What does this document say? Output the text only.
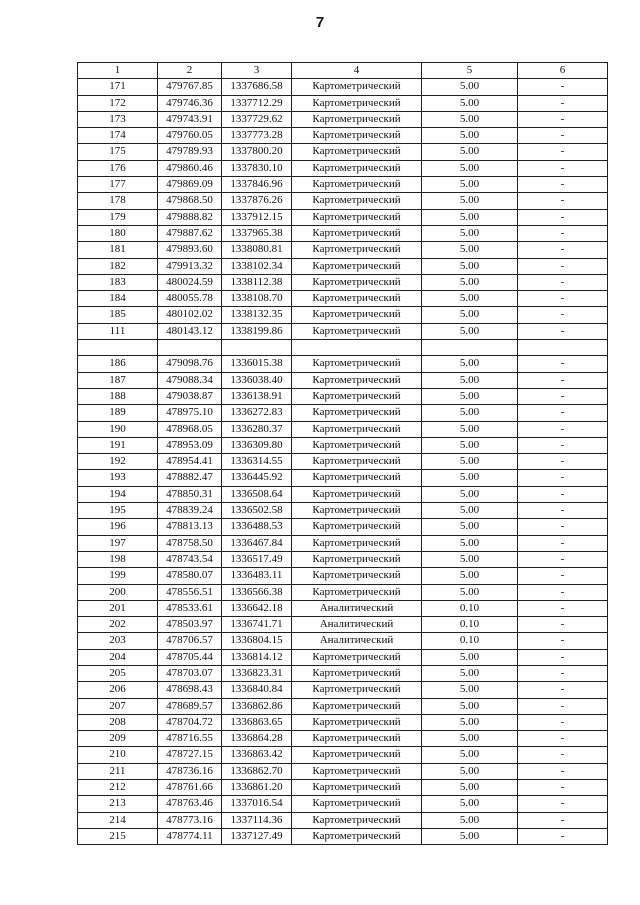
7
1	2	3	4	5	6
171	479767.85	1337686.58	Картометрический	5.00	-
172	479746.36	1337712.29	Картометрический	5.00	-
173	479743.91	1337729.62	Картометрический	5.00	-
174	479760.05	1337773.28	Картометрический	5.00	-
175	479789.93	1337800.20	Картометрический	5.00	-
176	479860.46	1337830.10	Картометрический	5.00	-
177	479869.09	1337846.96	Картометрический	5.00	-
178	479868.50	1337876.26	Картометрический	5.00	-
179	479888.82	1337912.15	Картометрический	5.00	-
180	479887.62	1337965.38	Картометрический	5.00	-
181	479893.60	1338080.81	Картометрический	5.00	-
182	479913.32	1338102.34	Картометрический	5.00	-
183	480024.59	1338112.38	Картометрический	5.00	-
184	480055.78	1338108.70	Картометрический	5.00	-
185	480102.02	1338132.35	Картометрический	5.00	-
111	480143.12	1338199.86	Картометрический	5.00	-

186	479098.76	1336015.38	Картометрический	5.00	-
187	479088.34	1336038.40	Картометрический	5.00	-
188	479038.87	1336138.91	Картометрический	5.00	-
189	478975.10	1336272.83	Картометрический	5.00	-
190	478968.05	1336280.37	Картометрический	5.00	-
191	478953.09	1336309.80	Картометрический	5.00	-
192	478954.41	1336314.55	Картометрический	5.00	-
193	478882.47	1336445.92	Картометрический	5.00	-
194	478850.31	1336508.64	Картометрический	5.00	-
195	478839.24	1336502.58	Картометрический	5.00	-
196	478813.13	1336488.53	Картометрический	5.00	-
197	478758.50	1336467.84	Картометрический	5.00	-
198	478743.54	1336517.49	Картометрический	5.00	-
199	478580.07	1336483.11	Картометрический	5.00	-
200	478556.51	1336566.38	Картометрический	5.00	-
201	478533.61	1336642.18	Аналитический	0.10	-
202	478503.97	1336741.71	Аналитический	0.10	-
203	478706.57	1336804.15	Аналитический	0.10	-
204	478705.44	1336814.12	Картометрический	5.00	-
205	478703.07	1336823.31	Картометрический	5.00	-
206	478698.43	1336840.84	Картометрический	5.00	-
207	478689.57	1336862.86	Картометрический	5.00	-
208	478704.72	1336863.65	Картометрический	5.00	-
209	478716.55	1336864.28	Картометрический	5.00	-
210	478727.15	1336863.42	Картометрический	5.00	-
211	478736.16	1336862.70	Картометрический	5.00	-
212	478761.66	1336861.20	Картометрический	5.00	-
213	478763.46	1337016.54	Картометрический	5.00	-
214	478773.16	1337114.36	Картометрический	5.00	-
215	478774.11	1337127.49	Картометрический	5.00	-
